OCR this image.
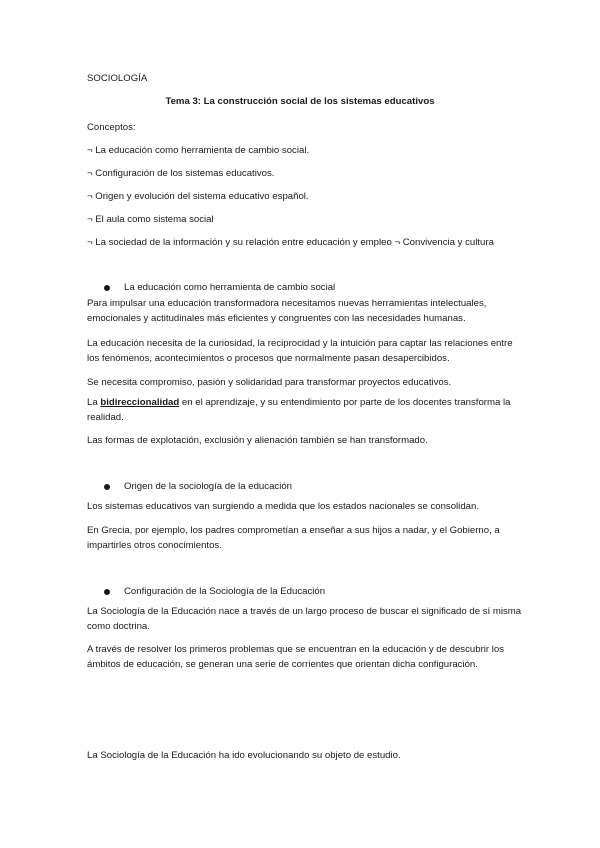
SOCIOLOGÍA
Tema 3: La construcción social de los sistemas educativos
Conceptos:
¬ La educación como herramienta de cambio social.
¬ Configuración de los sistemas educativos.
¬ Origen y evolución del sistema educativo español.
¬ El aula como sistema social
¬ La sociedad de la información y su relación entre educación y empleo ¬ Convivencia y cultura
La educación como herramienta de cambio social
Para impulsar una educación transformadora necesitamos nuevas herramientas intelectuales, emocionales y actitudinales más eficientes y congruentes con las necesidades humanas.
La educación necesita de la curiosidad, la reciprocidad y la intuición para captar las relaciones entre los fenómenos, acontecimientos o procesos que normalmente pasan desapercibidos.
Se necesita compromiso, pasión y solidaridad para transformar proyectos educativos.
La bidireccionalidad en el aprendizaje, y su entendimiento por parte de los docentes transforma la realidad.
Las formas de explotación, exclusión y alienación también se han transformado.
Origen de la sociología de la educación
Los sistemas educativos van surgiendo a medida que los estados nacionales se consolidan.
En Grecia, por ejemplo, los padres comprometían a enseñar a sus hijos a nadar, y el Gobierno, a impartirles otros conocimientos.
Configuración de la Sociología de la Educación
La Sociología de la Educación nace a través de un largo proceso de buscar el significado de sí misma como doctrina.
A través de resolver los primeros problemas que se encuentran en la educación y de descubrir los ámbitos de educación, se generan una serie de corrientes que orientan dicha configuración.
La Sociología de la Educación ha ido evolucionando su objeto de estudio.
